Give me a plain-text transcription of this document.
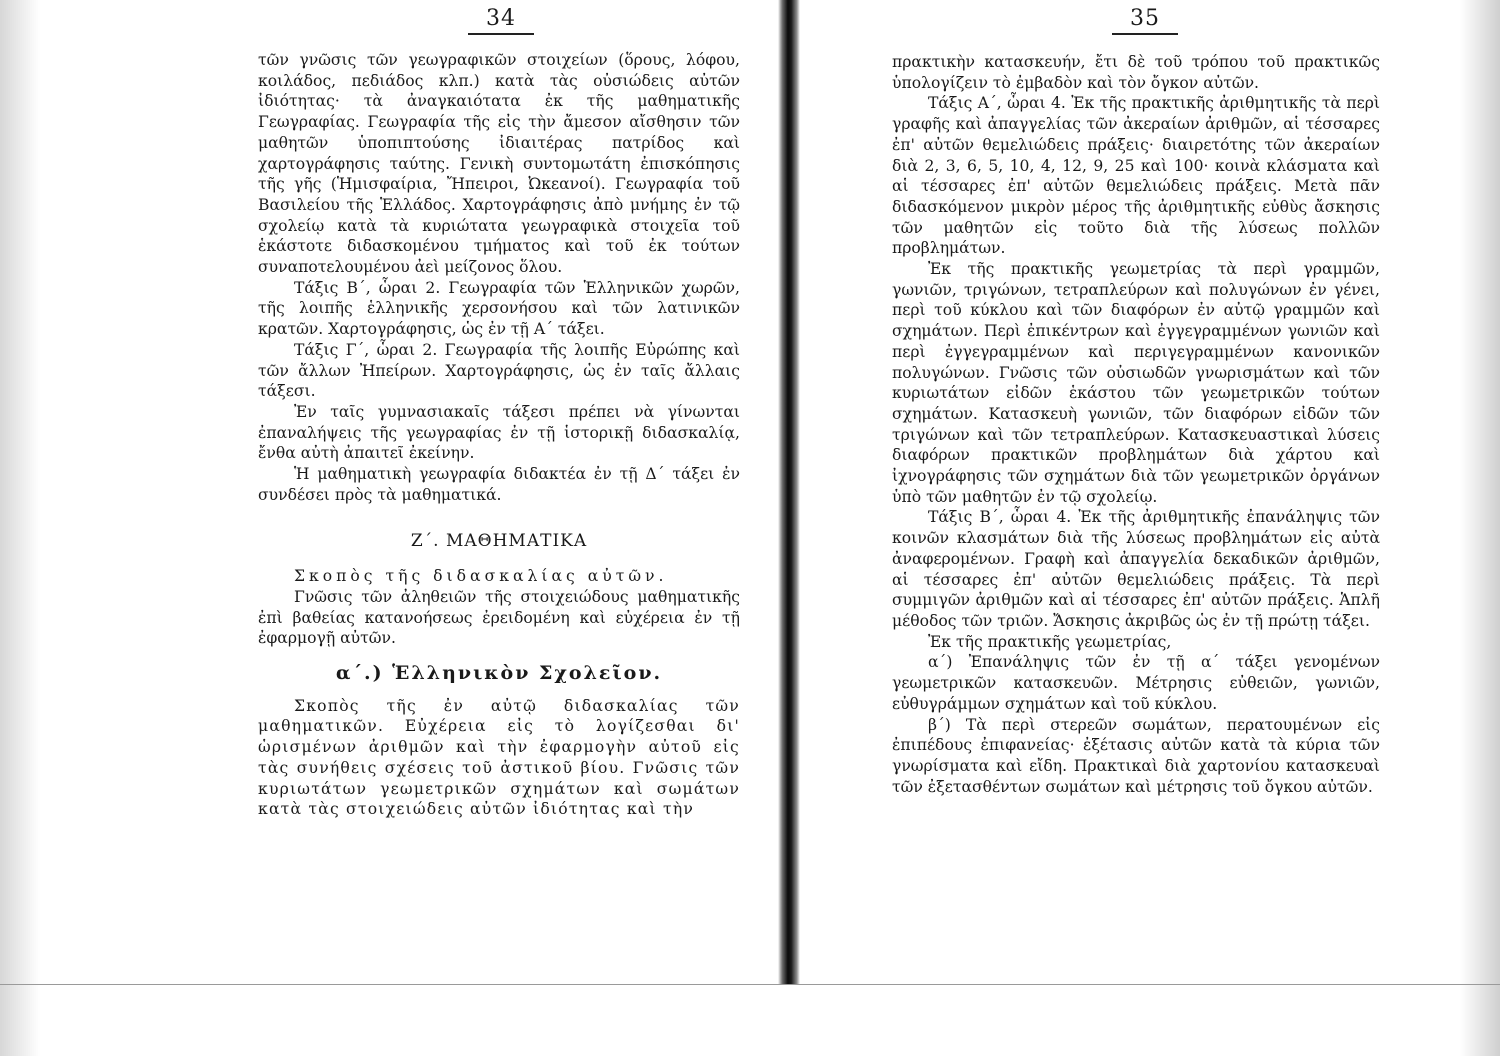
34

τῶν γνῶσις τῶν γεωγραφικῶν στοιχείων (ὅρους, λόφου, κοιλάδος, πεδιάδος κλπ.) κατὰ τὰς οὐσιώδεις αὐτῶν ἰδιότητας· τὰ ἀναγκαιότατα ἐκ τῆς μαθηματικῆς Γεωγραφίας. Γεωγραφία τῆς εἰς τὴν ἄμεσον αἴσθησιν τῶν μαθητῶν ὑποπιπτούσης ἰδιαιτέρας πατρίδος καὶ χαρτογράφησις ταύτης. Γενικὴ συντομωτάτη ἐπισκόπησις τῆς γῆς (Ἡμισφαίρια, Ἤπειροι, Ὠκεανοί). Γεωγραφία τοῦ Βασιλείου τῆς Ἑλλάδος. Χαρτογράφησις ἀπὸ μνήμης ἐν τῷ σχολείῳ κατὰ τὰ κυριώτατα γεωγραφικὰ στοιχεῖα τοῦ ἑκάστοτε διδασκομένου τμήματος καὶ τοῦ ἐκ τούτων συναποτελουμένου ἀεὶ μείζονος ὅλου.

Τάξις Β΄, ὧραι 2. Γεωγραφία τῶν Ἑλληνικῶν χωρῶν, τῆς λοιπῆς ἑλληνικῆς χερσονήσου καὶ τῶν λατινικῶν κρατῶν. Χαρτογράφησις, ὡς ἐν τῇ Α΄ τάξει.

Τάξις Γ΄, ὧραι 2. Γεωγραφία τῆς λοιπῆς Εὐρώπης καὶ τῶν ἄλλων Ἠπείρων. Χαρτογράφησις, ὡς ἐν ταῖς ἄλλαις τάξεσι.

Ἐν ταῖς γυμνασιακαῖς τάξεσι πρέπει νὰ γίνωνται ἐπαναλήψεις τῆς γεωγραφίας ἐν τῇ ἱστορικῇ διδασκαλίᾳ, ἔνθα αὐτὴ ἀπαιτεῖ ἐκείνην.

Ἡ μαθηματικὴ γεωγραφία διδακτέα ἐν τῇ Δ΄ τάξει ἐν συνδέσει πρὸς τὰ μαθηματικά.

Ζ΄. ΜΑΘΗΜΑΤΙΚΑ

Σκοπὸς τῆς διδασκαλίας αὐτῶν.

Γνῶσις τῶν ἀληθειῶν τῆς στοιχειώδους μαθηματικῆς ἐπὶ βαθείας κατανοήσεως ἐρειδομένη καὶ εὐχέρεια ἐν τῇ ἐφαρμογῇ αὐτῶν.

α΄.) Ἑλληνικὸν Σχολεῖον.

Σκοπὸς τῆς ἐν αὐτῷ διδασκαλίας τῶν μαθηματικῶν. Εὐχέρεια εἰς τὸ λογίζεσθαι δι' ὡρισμένων ἀριθμῶν καὶ τὴν ἐφαρμογὴν αὐτοῦ εἰς τὰς συνήθεις σχέσεις τοῦ ἀστικοῦ βίου. Γνῶσις τῶν κυριωτάτων γεωμετρικῶν σχημάτων καὶ σωμάτων κατὰ τὰς στοιχειώδεις αὐτῶν ἰδιότητας καὶ τὴν

35

πρακτικὴν κατασκευήν, ἔτι δὲ τοῦ τρόπου τοῦ πρακτικῶς ὑπολογίζειν τὸ ἐμβαδὸν καὶ τὸν ὄγκον αὐτῶν.

Τάξις Α΄, ὧραι 4. Ἐκ τῆς πρακτικῆς ἀριθμητικῆς τὰ περὶ γραφῆς καὶ ἀπαγγελίας τῶν ἀκεραίων ἀριθμῶν, αἱ τέσσαρες ἐπ' αὐτῶν θεμελιώδεις πράξεις· διαιρετότης τῶν ἀκεραίων διὰ 2, 3, 6, 5, 10, 4, 12, 9, 25 καὶ 100· κοινὰ κλάσματα καὶ αἱ τέσσαρες ἐπ' αὐτῶν θεμελιώδεις πράξεις. Μετὰ πᾶν διδασκόμενον μικρὸν μέρος τῆς ἀριθμητικῆς εὐθὺς ἄσκησις τῶν μαθητῶν εἰς τοῦτο διὰ τῆς λύσεως πολλῶν προβλημάτων.

Ἐκ τῆς πρακτικῆς γεωμετρίας τὰ περὶ γραμμῶν, γωνιῶν, τριγώνων, τετραπλεύρων καὶ πολυγώνων ἐν γένει, περὶ τοῦ κύκλου καὶ τῶν διαφόρων ἐν αὐτῷ γραμμῶν καὶ σχημάτων. Περὶ ἐπικέντρων καὶ ἐγγεγραμμένων γωνιῶν καὶ περὶ ἐγγεγραμμένων καὶ περιγεγραμμένων κανονικῶν πολυγώνων. Γνῶσις τῶν οὐσιωδῶν γνωρισμάτων καὶ τῶν κυριωτάτων εἰδῶν ἑκάστου τῶν γεωμετρικῶν τούτων σχημάτων. Κατασκευὴ γωνιῶν, τῶν διαφόρων εἰδῶν τῶν τριγώνων καὶ τῶν τετραπλεύρων. Κατασκευαστικαὶ λύσεις διαφόρων πρακτικῶν προβλημάτων διὰ χάρτου καὶ ἰχνογράφησις τῶν σχημάτων διὰ τῶν γεωμετρικῶν ὀργάνων ὑπὸ τῶν μαθητῶν ἐν τῷ σχολείῳ.

Τάξις Β΄, ὧραι 4. Ἐκ τῆς ἀριθμητικῆς ἐπανάληψις τῶν κοινῶν κλασμάτων διὰ τῆς λύσεως προβλημάτων εἰς αὐτὰ ἀναφερομένων. Γραφὴ καὶ ἀπαγγελία δεκαδικῶν ἀριθμῶν, αἱ τέσσαρες ἐπ' αὐτῶν θεμελιώδεις πράξεις. Τὰ περὶ συμμιγῶν ἀριθμῶν καὶ αἱ τέσσαρες ἐπ' αὐτῶν πράξεις. Ἁπλῆ μέθοδος τῶν τριῶν. Ἄσκησις ἀκριβῶς ὡς ἐν τῇ πρώτῃ τάξει.

Ἐκ τῆς πρακτικῆς γεωμετρίας,

α΄) Ἐπανάληψις τῶν ἐν τῇ α΄ τάξει γενομένων γεωμετρικῶν κατασκευῶν. Μέτρησις εὐθειῶν, γωνιῶν, εὐθυγράμμων σχημάτων καὶ τοῦ κύκλου.

β΄) Τὰ περὶ στερεῶν σωμάτων, περατουμένων εἰς ἐπιπέδους ἐπιφανείας· ἐξέτασις αὐτῶν κατὰ τὰ κύρια τῶν γνωρίσματα καὶ εἴδη. Πρακτικαὶ διὰ χαρτονίου κατασκευαὶ τῶν ἐξετασθέντων σωμάτων καὶ μέτρησις τοῦ ὄγκου αὐτῶν.
